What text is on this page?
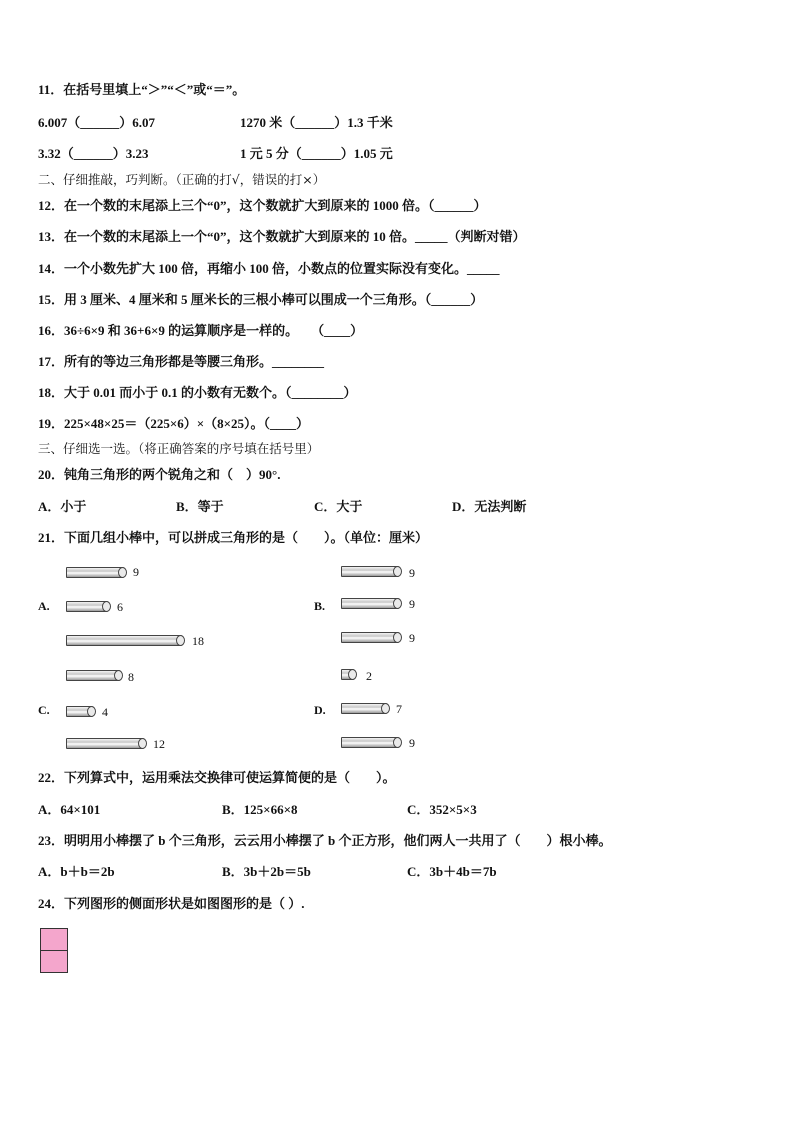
11．在括号里填上“＞”“＜”或“＝”。
6.007（______）6.07	1270 米（______）1.3 千米
3.32（______）3.23	1 元 5 分（______）1.05 元
二、仔细推敲，巧判断。（正确的打√，错误的打×）
12．在一个数的末尾添上三个“0”，这个数就扩大到原来的 1000 倍。（______）
13．在一个数的末尾添上一个“0”，这个数就扩大到原来的 10 倍。_____（判断对错）
14．一个小数先扩大 100 倍，再缩小 100 倍，小数点的位置实际没有变化。_____
15．用 3 厘米、4 厘米和 5 厘米长的三根小棒可以围成一个三角形。（______）
16．36÷6×9 和 36+6×9 的运算顺序是一样的。　　（____）
17．所有的等边三角形都是等腰三角形。________
18．大于 0.01 而小于 0.1 的小数有无数个。（________）
19．225×48×25＝（225×6）×（8×25）。（____）
三、仔细选一选。（将正确答案的序号填在括号里）
20．钝角三角形的两个锐角之和（　）90°.
A．小于	B．等于	C．大于	D．无法判断
21．下面几组小棒中，可以拼成三角形的是（　　）。（单位：厘米）
A.
9
6
18
B.
9
9
9
C.
8
4
12
D.
2
7
9
22．下列算式中，运用乘法交换律可使运算简便的是（　　）。
A．64×101	B．125×66×8	C．352×5×3
23．明明用小棒摆了 b 个三角形，云云用小棒摆了 b 个正方形，他们两人一共用了（　　）根小棒。
A．b＋b＝2b	B．3b＋2b＝5b	C．3b＋4b＝7b
24．下列图形的侧面形状是如图图形的是（ ）.
